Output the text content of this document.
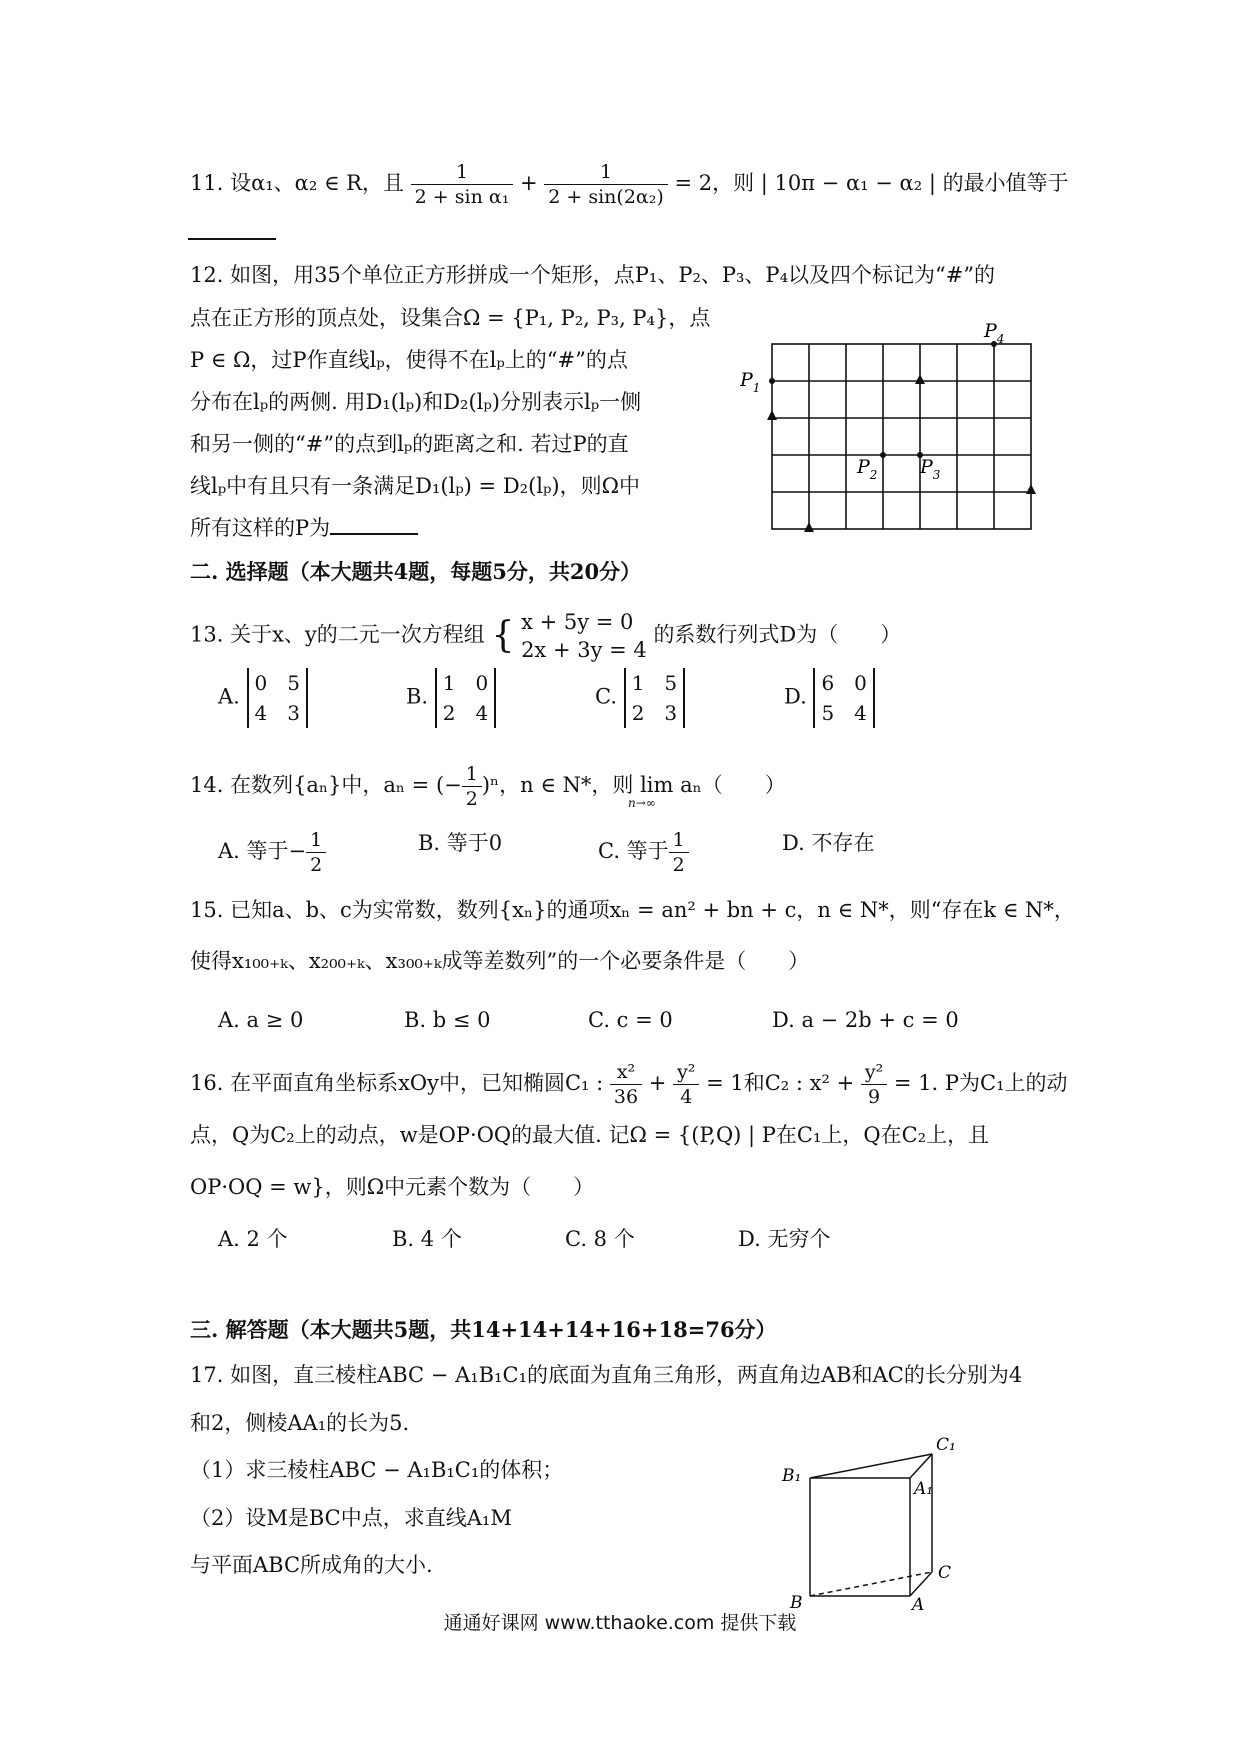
11. 设α₁、α₂ ∈ R，且 $\frac{1}{\text{2 + sin α₁}} + \frac{1}{\text{2 + sin(2α₂)}} = 2$，则 | 10π − α₁ − α₂ | 的最小值等于
12. 如图，用35个单位正方形拼成一个矩形，点P₁、P₂、P₃、P₄以及四个标记为“#”的
点在正方形的顶点处，设集合Ω = {P₁, P₂, P₃, P₄}，点
P ∈ Ω，过P作直线lₚ，使得不在lₚ上的“#”的点
分布在lₚ的两侧. 用D₁(lₚ)和D₂(lₚ)分别表示lₚ一侧
和另一侧的“#”的点到lₚ的距离之和. 若过P的直
线lₚ中有且只有一条满足D₁(lₚ) = D₂(lₚ)，则Ω中
所有这样的P为
$P_1$
$P_2$ $P_3$
$P_4$
二. 选择题（本大题共4题，每题5分，共20分）
13. 关于x、y的二元一次方程组 { x + 5y = 0
2x + 3y = 4
的系数行列式D为（　　）
A.
0　5
4　3
B.
1　0
2　4
C.
1　5
2　3
D.
6　0
5　4
14. 在数列{aₙ}中，aₙ = (− $\frac{1}{2} )^n$，n ∈ N*，则 lim aₙ（　　）
n→∞
A. 等于− $\frac{1}{2}$	B. 等于0	C. 等于 $\frac{1}{2}$	D. 不存在
15. 已知a、b、c为实常数，数列{xₙ}的通项xₙ = an² + bn + c，n ∈ N*，则“存在k ∈ N*，
使得x₁₀₀₊ₖ、x₂₀₀₊ₖ、x₃₀₀₊ₖ成等差数列”的一个必要条件是（　　）
A. a ≥ 0	B. b ≤ 0	C. c = 0	D. a − 2b + c = 0
16. 在平面直角坐标系xOy中，已知椭圆C₁ : $\frac{\text{x²}}{36} + \frac{\text{y²}}{4} = 1$和C₂ : $x^2 + \frac{\text{y²}}{9} = 1$. P为C₁上的动
点，Q为C₂上的动点，w是OP·OQ的最大值. 记Ω = {(P,Q) | P在C₁上，Q在C₂上，且
OP·OQ = w}，则Ω中元素个数为（　　）
A. 2 个	B. 4 个	C. 8 个	D. 无穷个
三. 解答题（本大题共5题，共14+14+14+16+18=76分）
17. 如图，直三棱柱ABC − A₁B₁C₁的底面为直角三角形，两直角边AB和AC的长分别为4
和2，侧棱AA₁的长为5.
（1）求三棱柱ABC − A₁B₁C₁的体积；
（2）设M是BC中点，求直线A₁M
与平面ABC所成角的大小.
B₁
A₁
C₁
B	A
C
通通好课网 www.tthaoke.com 提供下载
